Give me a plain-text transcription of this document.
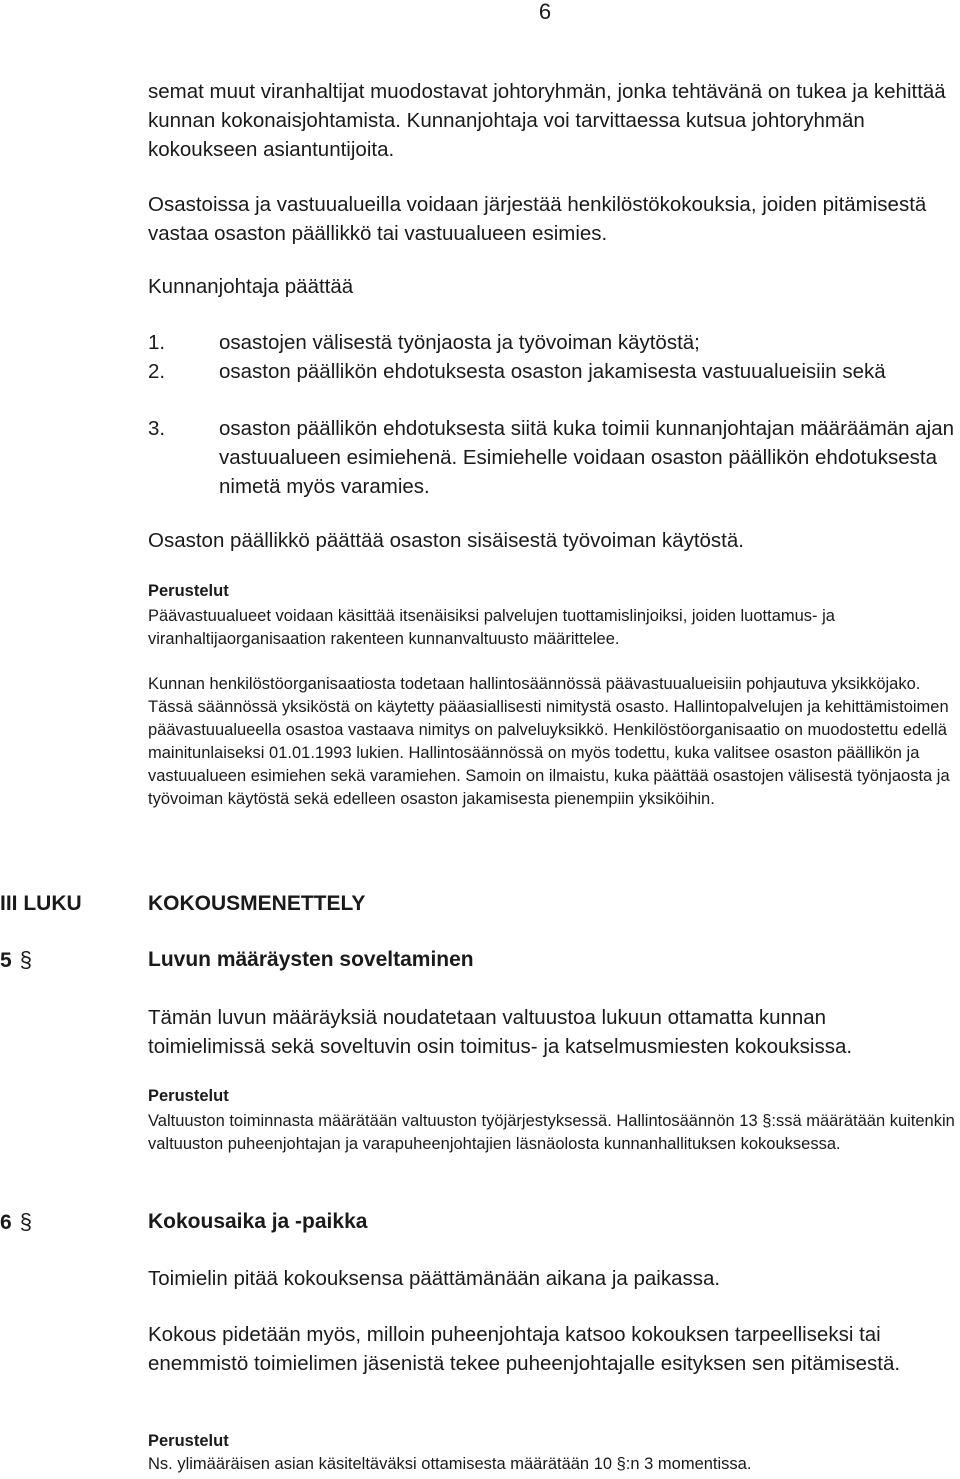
6

semat muut viranhaltijat muodostavat johtoryhmän, jonka tehtävänä on tukea ja kehittää kunnan kokonaisjohtamista. Kunnanjohtaja voi tarvittaessa kutsua johtoryhmän kokoukseen asiantuntijoita.

Osastoissa ja vastuualueilla voidaan järjestää henkilöstökokouksia, joiden pitämisestä vastaa osaston päällikkö tai vastuualueen esimies.

Kunnanjohtaja päättää

1.	osastojen välisestä työnjaosta ja työvoiman käytöstä;
2.	osaston päällikön ehdotuksesta osaston jakamisesta vastuualueisiin sekä
3.	osaston päällikön ehdotuksesta siitä kuka toimii kunnanjohtajan määräämän ajan vastuualueen esimiehenä. Esimiehelle voidaan osaston päällikön ehdotuksesta nimetä myös varamies.

Osaston päällikkö päättää osaston sisäisestä työvoiman käytöstä.

Perustelut

Päävastuualueet voidaan käsittää itsenäisiksi palvelujen tuottamislinjoiksi, joiden luottamus- ja viranhaltijaorganisaation rakenteen kunnanvaltuusto määrittelee.

Kunnan henkilöstöorganisaatiosta todetaan hallintosäännössä päävastuualueisiin pohjautuva yksikköjako. Tässä säännössä yksiköstä on käytetty pääasiallisesti nimitystä osasto. Hallintopalvelujen ja kehittämistoimen päävastuualueella osastoa vastaava nimitys on palveluyksikkö. Henkilöstöorganisaatio on muodostettu edellä mainitunlaiseksi 01.01.1993 lukien. Hallintosäännössä on myös todettu, kuka valitsee osaston päällikön ja vastuualueen esimiehen sekä varamiehen. Samoin on ilmaistu, kuka päättää osastojen välisestä työnjaosta ja työvoiman käytöstä sekä edelleen osaston jakamisesta pienempiin yksiköihin.

III LUKU	KOKOUSMENETTELY
5 §	Luvun määräysten soveltaminen

Tämän luvun määräyksiä noudatetaan valtuustoa lukuun ottamatta kunnan toimielimissä sekä soveltuvin osin toimitus- ja katselmusmiesten kokouksissa.

Perustelut

Valtuuston toiminnasta määrätään valtuuston työjärjestyksessä. Hallintosäännön 13 §:ssä määrätään kuitenkin valtuuston puheenjohtajan ja varapuheenjohtajien läsnäolosta kunnanhallituksen kokouksessa.

6 §	Kokousaika ja -paikka

Toimielin pitää kokouksensa päättämänään aikana ja paikassa.

Kokous pidetään myös, milloin puheenjohtaja katsoo kokouksen tarpeelliseksi tai enemmistö toimielimen jäsenistä tekee puheenjohtajalle esityksen sen pitämisestä.

Perustelut

Ns. ylimääräisen asian käsiteltäväksi ottamisesta määrätään 10 §:n 3 momentissa.
